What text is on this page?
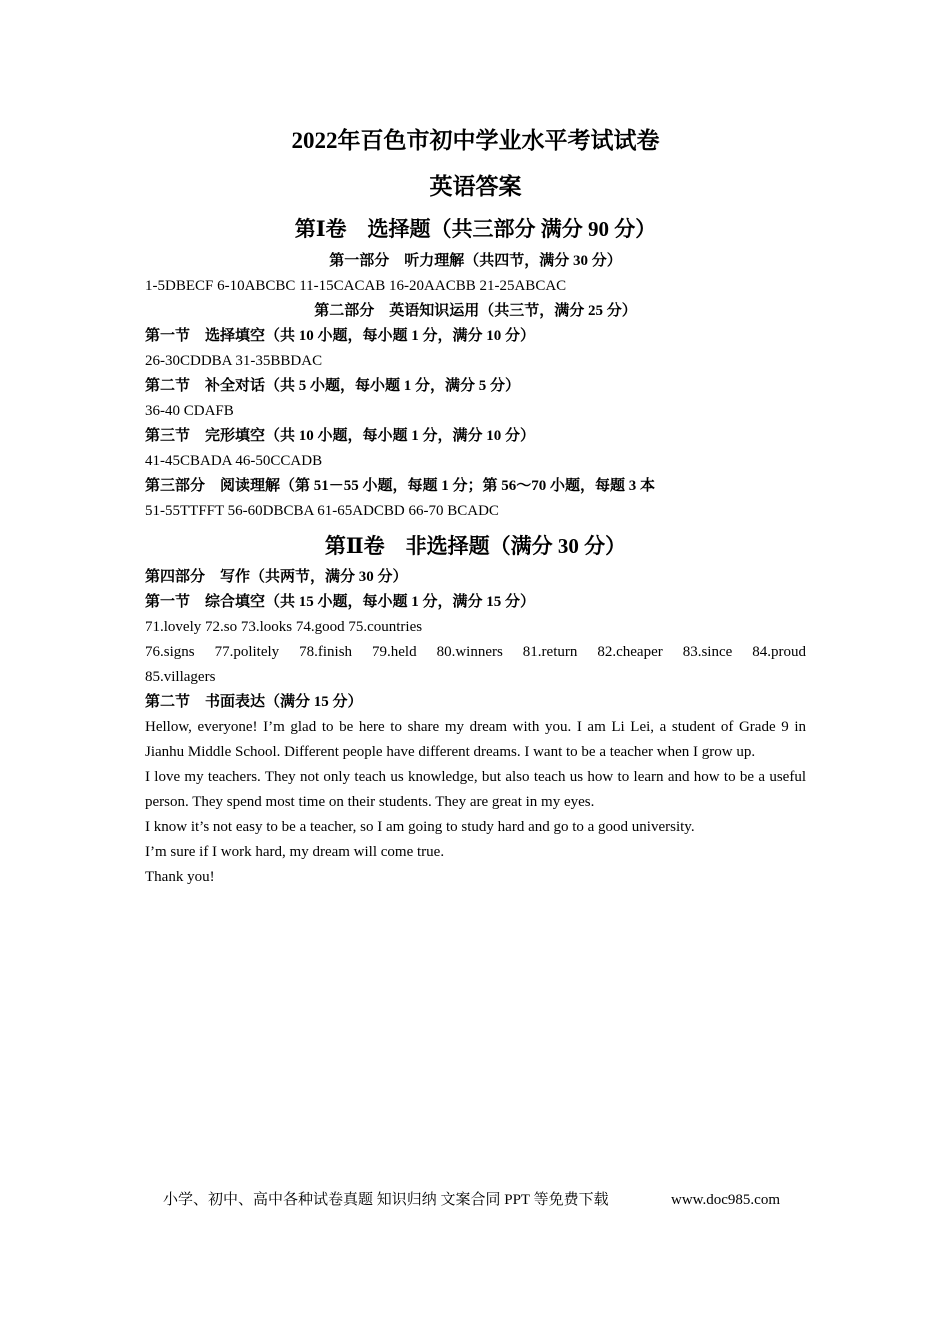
2022年百色市初中学业水平考试试卷
英语答案
第Ⅰ卷　选择题（共三部分 满分 90 分）
第一部分　听力理解（共四节，满分 30 分）
1-5DBECF 6-10ABCBC 11-15CACAB 16-20AACBB 21-25ABCAC
第二部分　英语知识运用（共三节，满分 25 分）
第一节　选择填空（共 10 小题，每小题 1 分，满分 10 分）
26-30CDDBA 31-35BBDAC
第二节　补全对话（共 5 小题，每小题 1 分，满分 5 分）
36-40 CDAFB
第三节　完形填空（共 10 小题，每小题 1 分，满分 10 分）
41-45CBADA 46-50CCADB
第三部分　阅读理解（第 51－55 小题，每题 1 分；第 56～70 小题，每题 3 本
51-55TTFFT 56-60DBCBA 61-65ADCBD 66-70 BCADC
第Ⅱ卷　非选择题（满分 30 分）
第四部分　写作（共两节，满分 30 分）
第一节　综合填空（共 15 小题，每小题 1 分，满分 15 分）
71.lovely 72.so 73.looks 74.good 75.countries
76.signs 77.politely 78.finish 79.held 80.winners 81.return 82.cheaper 83.since 84.proud
85.villagers
第二节　书面表达（满分 15 分）
Hellow, everyone! I’m glad to be here to share my dream with you. I am Li Lei, a student of Grade 9 in Jianhu Middle School. Different people have different dreams. I want to be a teacher when I grow up.
I love my teachers. They not only teach us knowledge, but also teach us how to learn and how to be a useful person. They spend most time on their students. They are great in my eyes.
I know it’s not easy to be a teacher, so I am going to study hard and go to a good university.
I’m sure if I work hard, my dream will come true.
Thank you!
小学、初中、高中各种试卷真题 知识归纳 文案合同 PPT 等免费下载	www.doc985.com
